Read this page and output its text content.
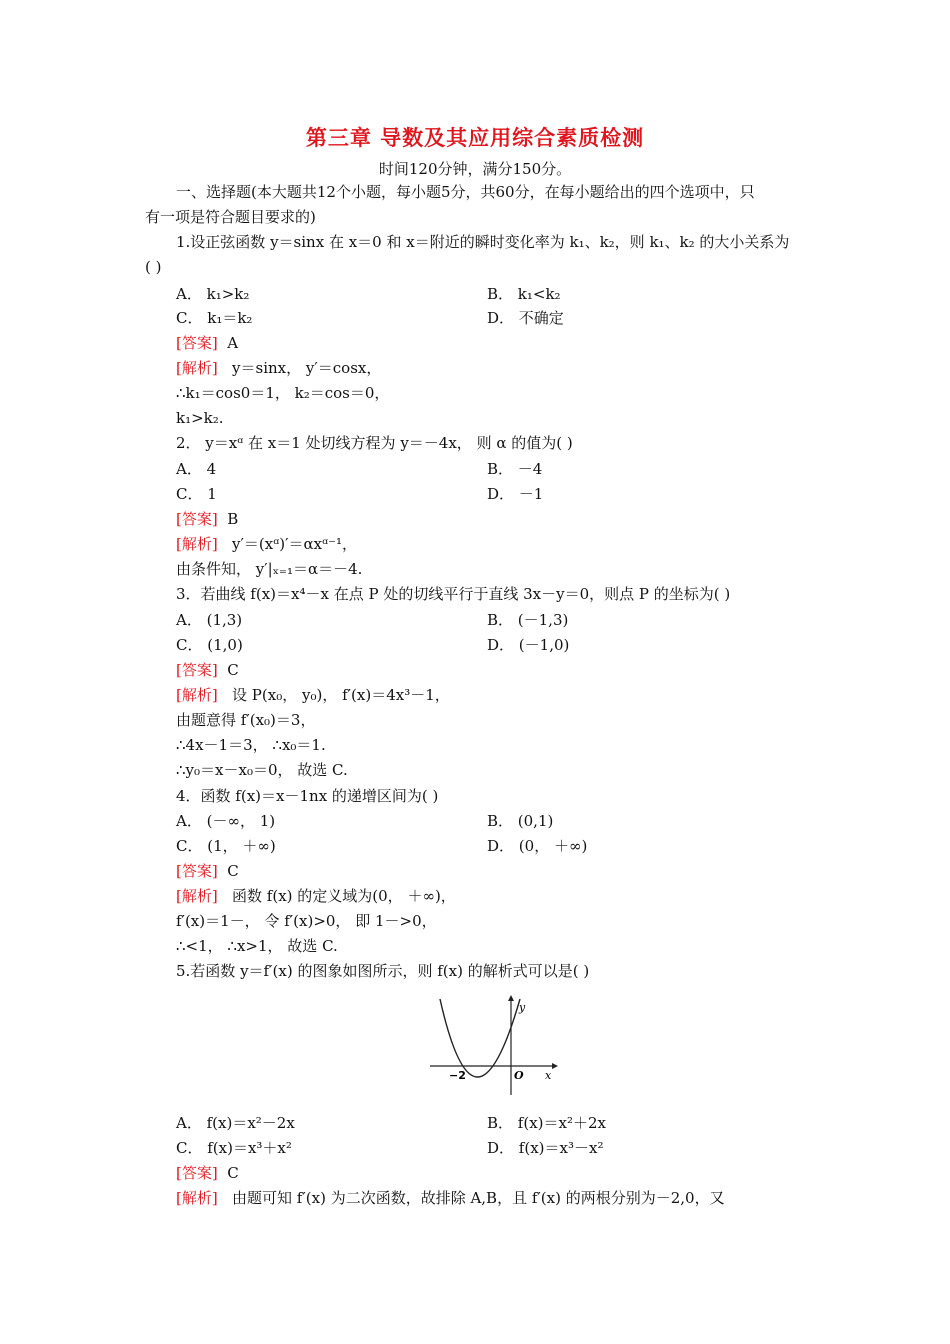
第三章 导数及其应用综合素质检测
时间120分钟，满分150分。
一、选择题(本大题共12个小题，每小题5分，共60分，在每小题给出的四个选项中，只
有一项是符合题目要求的)
1.设正弦函数 y＝sinx 在 x＝0 和 x＝附近的瞬时变化率为 k₁、k₂，则 k₁、k₂ 的大小关系为
( )
A． k₁>k₂	B． k₁<k₂
C． k₁＝k₂	D． 不确定
[答案] A
[解析] y＝sinx， y′＝cosx，
∴k₁＝cos0＝1， k₂＝cos＝0，
k₁>k₂.
2． y＝xᵅ 在 x＝1 处切线方程为 y＝－4x， 则 α 的值为( )
A． 4	B． －4
C． 1	D． －1
[答案] B
[解析] y′＝(xᵅ)′＝αxᵅ⁻¹，
由条件知， y′|ₓ₌₁＝α＝－4.
3．若曲线 f(x)＝x⁴－x 在点 P 处的切线平行于直线 3x－y＝0，则点 P 的坐标为( )
A． (1,3)	B． (－1,3)
C． (1,0)	D． (－1,0)
[答案] C
[解析] 设 P(x₀， y₀)， f′(x)＝4x³－1，
由题意得 f′(x₀)＝3，
∴4x－1＝3， ∴x₀＝1.
∴y₀＝x－x₀＝0， 故选 C.
4．函数 f(x)＝x－1nx 的递增区间为( )
A． (－∞， 1)	B． (0,1)
C． (1， ＋∞)	D． (0， ＋∞)
[答案] C
[解析] 函数 f(x) 的定义域为(0， ＋∞)，
f′(x)＝1－， 令 f′(x)>0， 即 1－>0，
∴<1， ∴x>1， 故选 C.
5.若函数 y＝f′(x) 的图象如图所示，则 f(x) 的解析式可以是( )
y
x
−2	O
A． f(x)＝x²－2x	B． f(x)＝x²＋2x
C． f(x)＝x³＋x²	D． f(x)＝x³－x²
[答案] C
[解析] 由题可知 f′(x) 为二次函数，故排除 A,B，且 f′(x) 的两根分别为－2,0，又
